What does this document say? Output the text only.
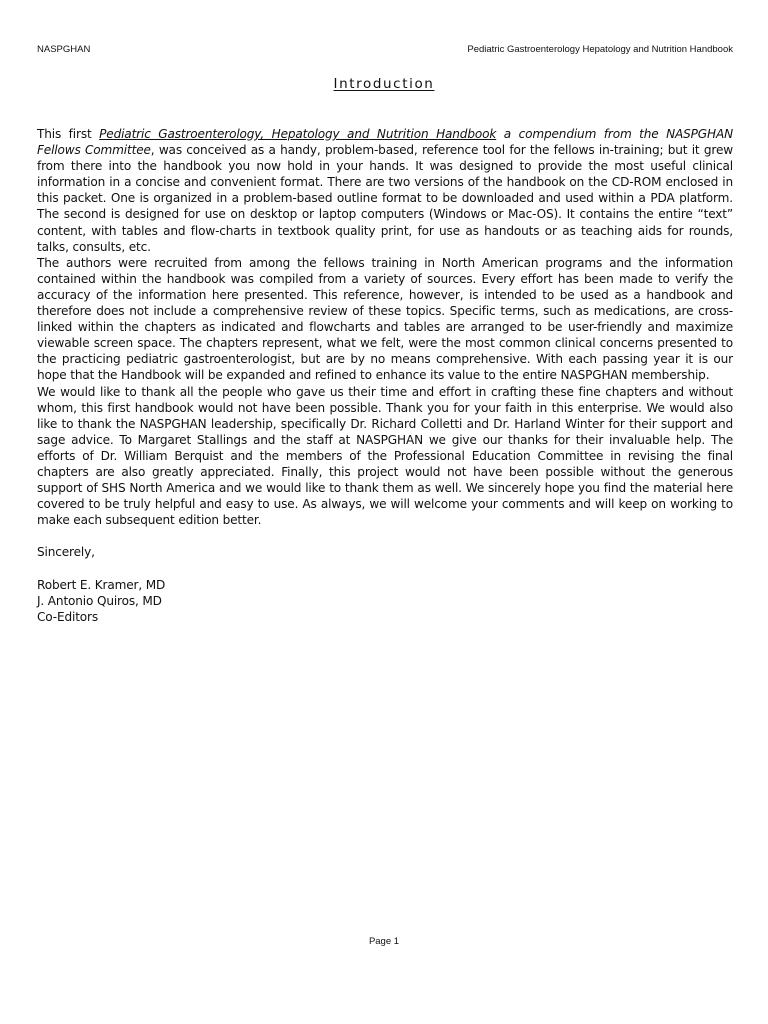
NASPGHAN	Pediatric Gastroenterology Hepatology and Nutrition Handbook
Introduction

This first Pediatric Gastroenterology, Hepatology and Nutrition Handbook a compendium from the NASPGHAN Fellows Committee, was conceived as a handy, problem-based, reference tool for the fellows in-training; but it grew from there into the handbook you now hold in your hands. It was designed to provide the most useful clinical information in a concise and convenient format. There are two versions of the handbook on the CD-ROM enclosed in this packet. One is organized in a problem-based outline format to be downloaded and used within a PDA platform. The second is designed for use on desktop or laptop computers (Windows or Mac-OS). It contains the entire “text” content, with tables and flow-charts in textbook quality print, for use as handouts or as teaching aids for rounds, talks, consults, etc.

The authors were recruited from among the fellows training in North American programs and the information contained within the handbook was compiled from a variety of sources. Every effort has been made to verify the accuracy of the information here presented. This reference, however, is intended to be used as a handbook and therefore does not include a comprehensive review of these topics. Specific terms, such as medications, are cross-linked within the chapters as indicated and flowcharts and tables are arranged to be user-friendly and maximize viewable screen space. The chapters represent, what we felt, were the most common clinical concerns presented to the practicing pediatric gastroenterologist, but are by no means comprehensive. With each passing year it is our hope that the Handbook will be expanded and refined to enhance its value to the entire NASPGHAN membership.

We would like to thank all the people who gave us their time and effort in crafting these fine chapters and without whom, this first handbook would not have been possible. Thank you for your faith in this enterprise. We would also like to thank the NASPGHAN leadership, specifically Dr. Richard Colletti and Dr. Harland Winter for their support and sage advice. To Margaret Stallings and the staff at NASPGHAN we give our thanks for their invaluable help. The efforts of Dr. William Berquist and the members of the Professional Education Committee in revising the final chapters are also greatly appreciated. Finally, this project would not have been possible without the generous support of SHS North America and we would like to thank them as well. We sincerely hope you find the material here covered to be truly helpful and easy to use. As always, we will welcome your comments and will keep on working to make each subsequent edition better.

Sincerely,

Robert E. Kramer, MD

J. Antonio Quiros, MD

Co-Editors

Page 1
